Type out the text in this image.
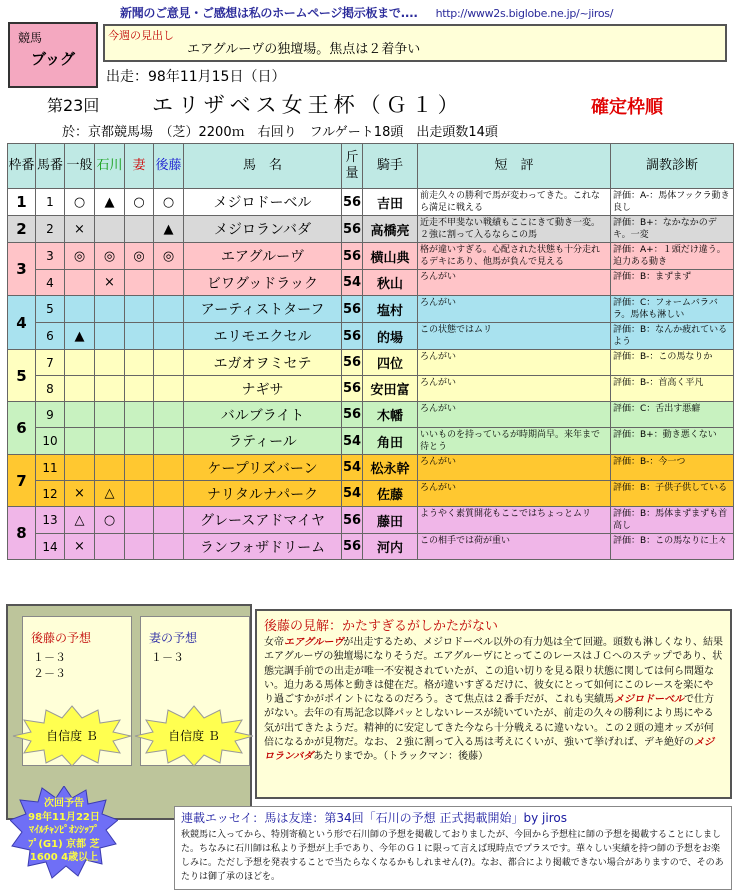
新聞のご意見・ご感想は私のホームページ掲示板まで.... http://www2s.biglobe.ne.jp/~jiros/
競馬
ブッグ
今週の見出し
エアグルーヴの独壇場。焦点は２着争い
出走：98年11月15日（日）
第23回	エリザベス女王杯（Ｇ１）	確定枠順
於：京都競馬場　（芝）2200ｍ　右回り　フルゲート18頭　出走頭数14頭
枠番	馬番	一般	石川	妻	後藤	馬　名	斤量	騎手	短　評	調教診断
1	1	○	▲	○	○	メジロドーベル	56	吉田	前走久々の勝利で馬が変わってきた。これなら満足に戦える	評価：A-：馬体フックラ動き良し
2	2	×			▲	メジロランバダ	56	高橋亮	近走不甲斐ない戦績もここにきて動き一変。２強に割って入るならこの馬	評価：B+：なかなかのデキ。一変
3	3	◎	◎	◎	◎	エアグルーヴ	56	横山典	格が違いすぎる。心配された状態も十分走れるデキにあり、他馬が負んで見える	評価：A+：１頭だけ違う。迫力ある動き
	4		×			ビワグッドラック	54	秋山	ろんがい	評価：B：まずまず
4	5					アーティストターフ	56	塩村	ろんがい	評価：C：フォームバラバラ。馬体も淋しい
	6	▲				エリモエクセル	56	的場	この状態ではムリ	評価：B：なんか疲れているよう
5	7					エガオヲミセテ	56	四位	ろんがい	評価：B-：この馬なりか
	8					ナギサ	56	安田富	ろんがい	評価：B-：首高く平凡
6	9					バルブライト	56	木幡	ろんがい	評価：C：舌出す悪癖
	10					ラティール	54	角田	いいものを持っているが時期尚早。来年まで待とう	評価：B+：動き悪くない
7	11					ケープリズバーン	54	松永幹	ろんがい	評価：B-：今一つ
	12	×	△			ナリタルナパーク	54	佐藤	ろんがい	評価：B：子供子供している
8	13	△	○			グレースアドマイヤ	56	藤田	ようやく素質開花もここではちょっとムリ	評価：B：馬体まずまずも首高し
	14	×				ランフォザドリーム	56	河内	この相手では荷が重い	評価：B：この馬なりに上々
後藤の予想
１－３
２－３
妻の予想
１－３
自信度 Ｂ	自信度 Ｂ
次回予告
98年11月22日
ﾏｲﾙﾁｬﾝﾋﾟｵﾝｼｯﾌﾟ
ﾌﾟ(G1) 京都 芝
1600 4歳以上
後藤の見解：かたすぎるがしかたがない
女帝エアグルーヴが出走するため、メジロドーベル以外の有力処は全て回避。頭数も淋しくなり、結果エアグルーヴの独壇場になりそうだ。エアグルーヴにとってこのレースはＪＣへのステップであり、状態完調手前での出走が唯一不安視されていたが、この追い切りを見る限り状態に関しては何ら問題ない。迫力ある馬体と動きは健在だ。格が違いすぎるだけに、彼女にとって如何にこのレースを楽にやり過ごすかがポイントになるのだろう。さて焦点は２番手だが、これも実績馬メジロドーベルで仕方がない。去年の有馬記念以降パッとしないレースが続いていたが、前走の久々の勝利により馬にやる気が出てきたようだ。精神的に安定してきた今なら十分戦えるに違いない。この２頭の連オッズが何倍になるかが見物だ。なお、２強に割って入る馬は考えにくいが、強いて挙げれば、デキ絶好のメジロランバダあたりまでか。（トラックマン：後藤）
連載エッセイ：馬は友達：第34回「石川の予想 正式掲載開始」by jiros
秋競馬に入ってから、特別寄稿という形で石川師の予想を掲載しておりましたが、今回から予想柱に師の予想を掲載することにしました。ちなみに石川師は私より予想が上手であり、今年のＧ１に限って言えば現時点でプラスです。華々しい実績を持つ師の予想をお楽しみに。ただし予想を発表することで当たらなくなるかもしれません(?)。なお、都合により掲載できない場合がありますので、そのあたりは御了承のほどを。
